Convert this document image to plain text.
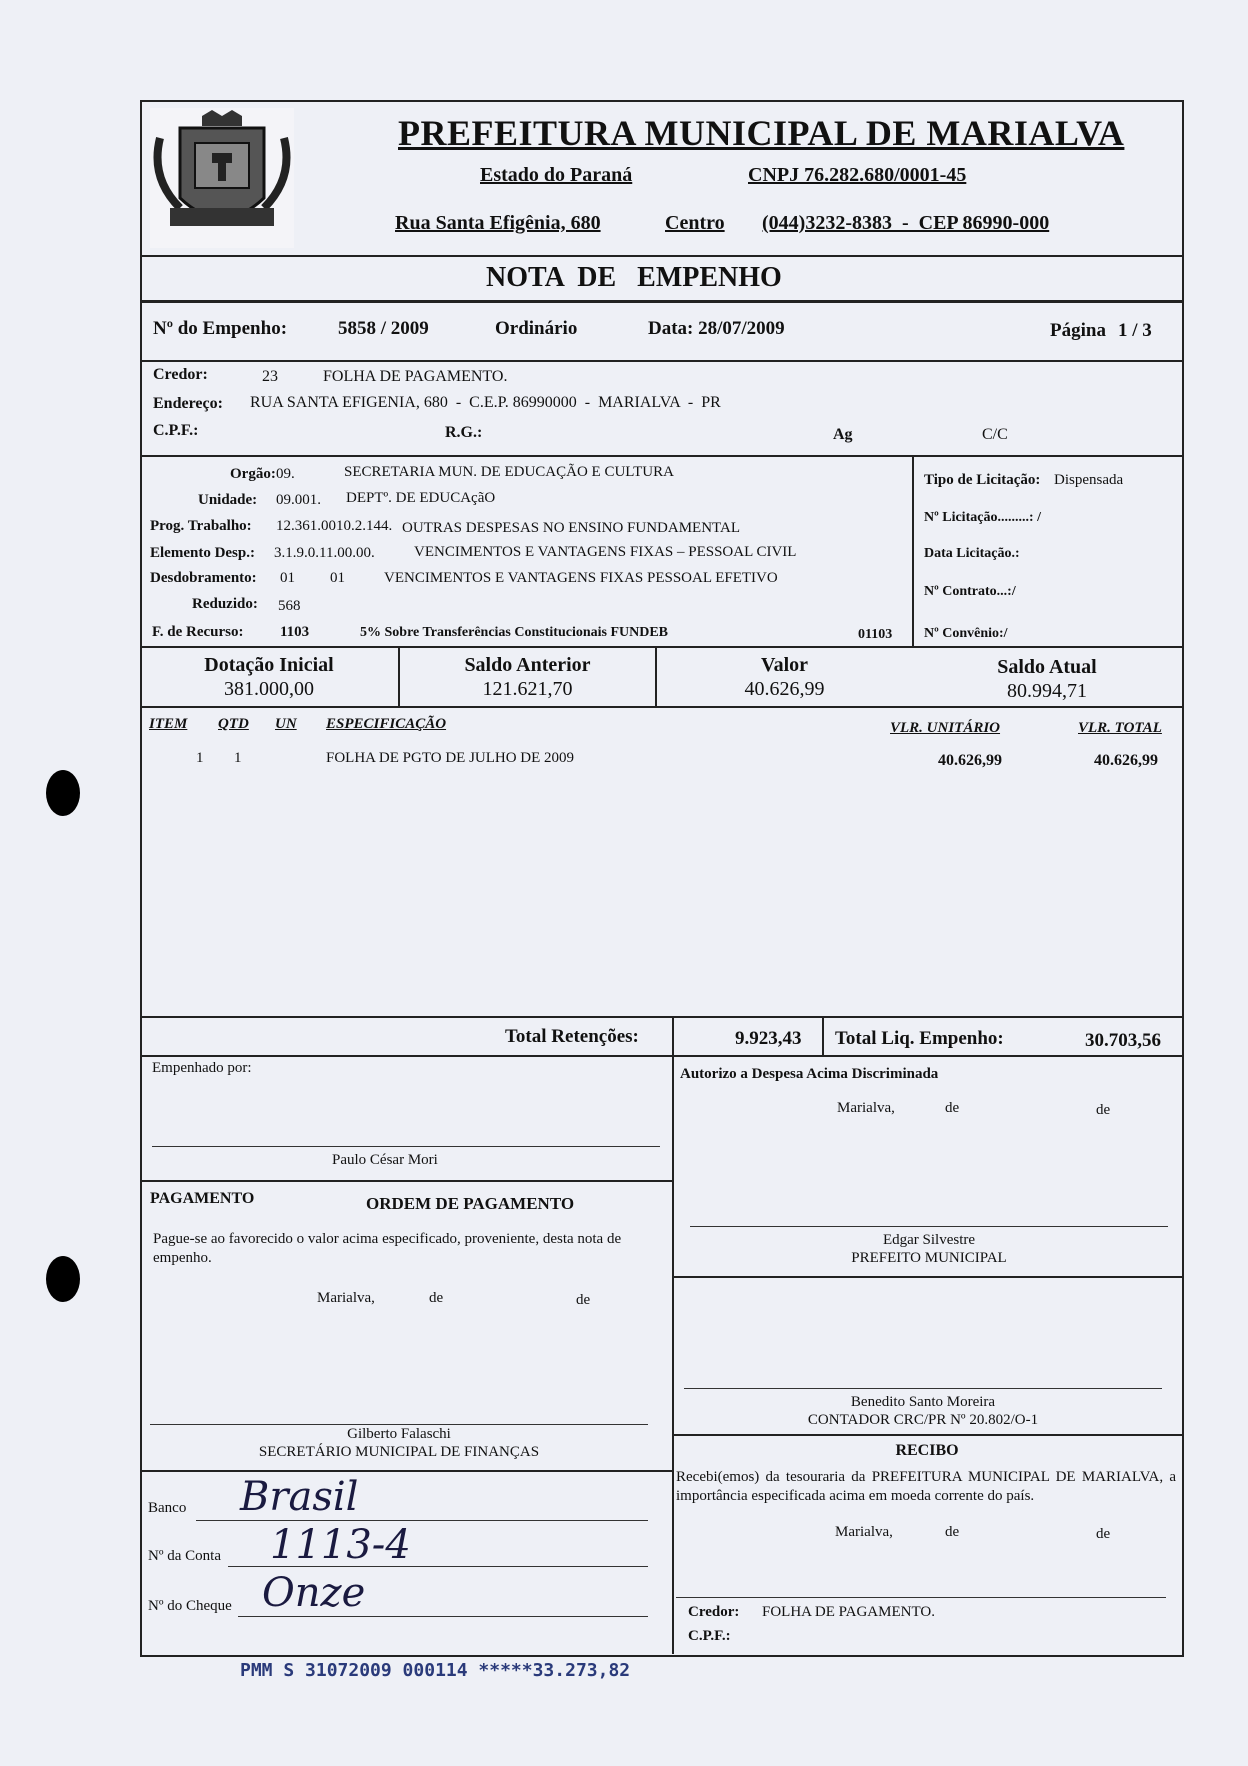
PREFEITURA MUNICIPAL DE MARIALVA
Estado do Paraná	CNPJ 76.282.680/0001-45
Rua Santa Efigênia, 680	Centro (044)3232-8383  -  CEP 86990-000
NOTA  DE   EMPENHO
Nº do Empenho:	5858 / 2009	Ordinário	Data: 28/07/2009	Página 1 / 3
Credor:	23	FOLHA DE PAGAMENTO.
Endereço: RUA SANTA EFIGENIA, 680  -  C.E.P. 86990000  -  MARIALVA  -  PR
C.P.F.:	R.G.:	Ag	C/C
Orgão: 09.	SECRETARIA MUN. DE EDUCAÇÃO E CULTURA
Unidade: 09.001. DEPTº. DE EDUCAçãO
Prog. Trabalho: 12.361.0010.2.144. OUTRAS DESPESAS NO ENSINO FUNDAMENTAL
Elemento Desp.: 3.1.9.0.11.00.00.	VENCIMENTOS E VANTAGENS FIXAS – PESSOAL CIVIL
Desdobramento: 01 01	VENCIMENTOS E VANTAGENS FIXAS PESSOAL EFETIVO
Reduzido: 568
F. de Recurso: 1103	5% Sobre Transferências Constitucionais FUNDEB	01103
Tipo de Licitação: Dispensada
Nº Licitação.........: /
Data Licitação.:
Nº Contrato...:/
Nº Convênio:/
Dotação Inicial
381.000,00
Saldo Anterior
121.621,70
Valor
40.626,99
Saldo Atual
80.994,71
ITEM QTD UN ESPECIFICAÇÃO	VLR. UNITÁRIO	VLR. TOTAL
1 1	FOLHA DE PGTO DE JULHO DE 2009	40.626,99	40.626,99
Total Retenções:	9.923,43 Total Liq. Empenho:	30.703,56
Empenhado por:
Paulo César Mori
Autorizo a Despesa Acima Discriminada
Marialva,	de	de
PAGAMENTO	ORDEM DE PAGAMENTO
Pague-se ao favorecido o valor acima especificado, proveniente, desta nota de empenho.
Marialva,	de	de
Edgar Silvestre
PREFEITO MUNICIPAL
Benedito Santo Moreira
CONTADOR CRC/PR Nº 20.802/O-1
Gilberto Falaschi
SECRETÁRIO MUNICIPAL DE FINANÇAS	RECIBO
Recebi(emos) da tesouraria da PREFEITURA MUNICIPAL DE MARIALVA, a importância especificada acima em moeda corrente do país.
Marialva,	de	de
Banco Brasil
Nº da Conta 1113-4
Nº do Cheque Onze	Credor: FOLHA DE PAGAMENTO.
C.P.F.:
PMM S 31072009 000114 *****33.273,82
